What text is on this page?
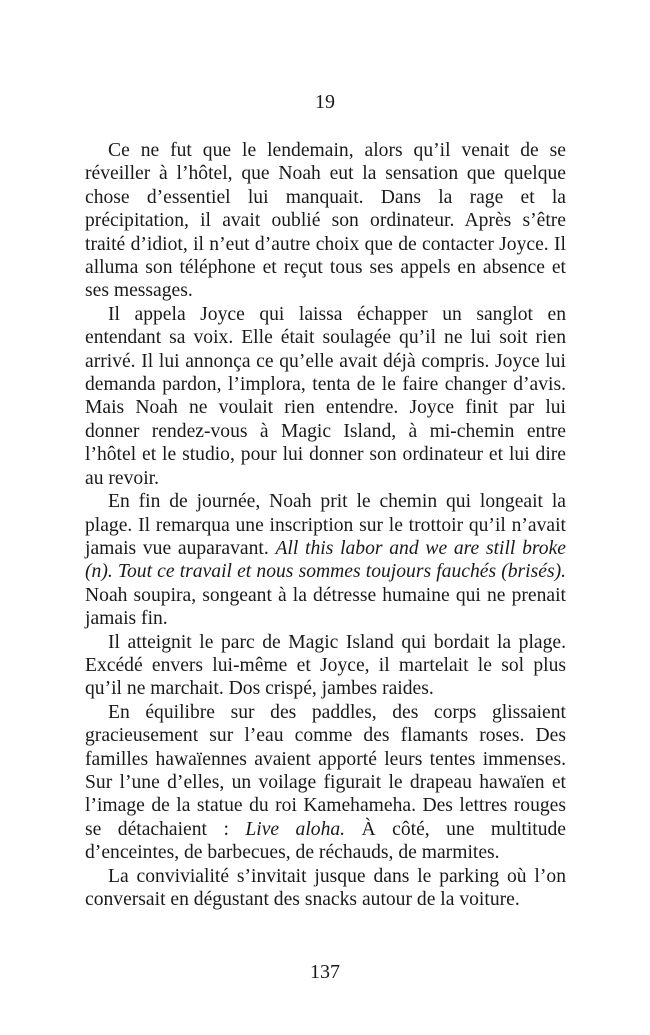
19

Ce ne fut que le lendemain, alors qu’il venait de se réveiller à l’hôtel, que Noah eut la sensation que quelque chose d’essentiel lui manquait. Dans la rage et la précipitation, il avait oublié son ordinateur. Après s’être traité d’idiot, il n’eut d’autre choix que de contacter Joyce. Il alluma son téléphone et reçut tous ses appels en absence et ses messages.

Il appela Joyce qui laissa échapper un sanglot en entendant sa voix. Elle était soulagée qu’il ne lui soit rien arrivé. Il lui annonça ce qu’elle avait déjà compris. Joyce lui demanda pardon, l’implora, tenta de le faire changer d’avis. Mais Noah ne voulait rien entendre. Joyce finit par lui donner rendez-vous à Magic Island, à mi-chemin entre l’hôtel et le studio, pour lui donner son ordinateur et lui dire au revoir.

En fin de journée, Noah prit le chemin qui longeait la plage. Il remarqua une inscription sur le trottoir qu’il n’avait jamais vue auparavant. All this labor and we are still broke (n). Tout ce travail et nous sommes toujours fauchés (brisés). Noah soupira, songeant à la détresse humaine qui ne prenait jamais fin.

Il atteignit le parc de Magic Island qui bordait la plage. Excédé envers lui-même et Joyce, il martelait le sol plus qu’il ne marchait. Dos crispé, jambes raides.

En équilibre sur des paddles, des corps glissaient gracieusement sur l’eau comme des flamants roses. Des familles hawaïennes avaient apporté leurs tentes immenses. Sur l’une d’elles, un voilage figurait le drapeau hawaïen et l’image de la statue du roi Kamehameha. Des lettres rouges se détachaient : Live aloha. À côté, une multitude d’enceintes, de barbecues, de réchauds, de marmites.

La convivialité s’invitait jusque dans le parking où l’on conversait en dégustant des snacks autour de la voiture.

137
